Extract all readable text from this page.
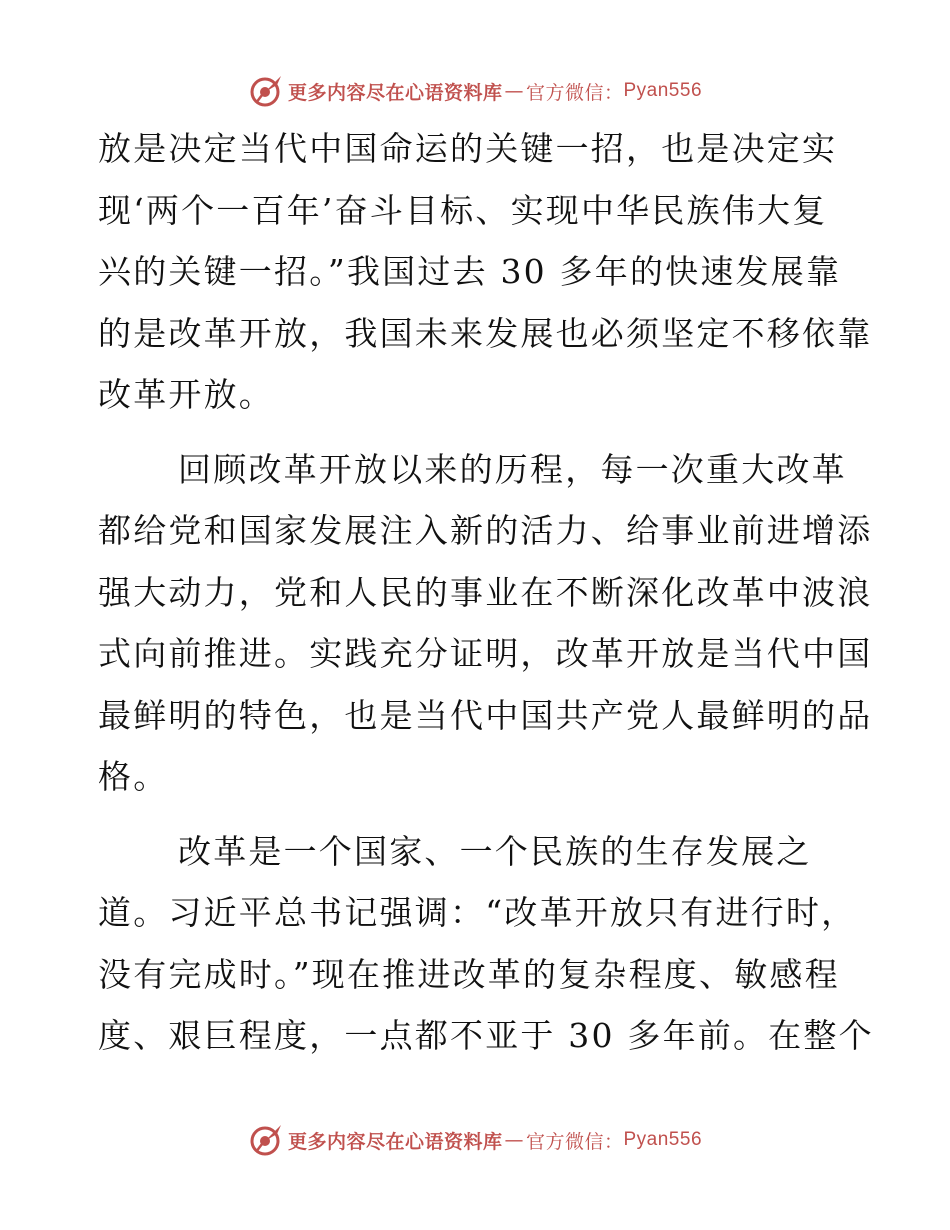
更多内容尽在心语资料库 — 官方微信： Pyan556

放是决定当代中国命运的关键一招，也是决定实
现‘两个一百年’奋斗目标、实现中华民族伟大复
兴的关键一招。”我国过去 30 多年的快速发展靠
的是改革开放，我国未来发展也必须坚定不移依靠
改革开放。

回顾改革开放以来的历程，每一次重大改革
都给党和国家发展注入新的活力、给事业前进增添
强大动力，党和人民的事业在不断深化改革中波浪
式向前推进。实践充分证明，改革开放是当代中国
最鲜明的特色，也是当代中国共产党人最鲜明的品
格。

改革是一个国家、一个民族的生存发展之
道。习近平总书记强调：“改革开放只有进行时，
没有完成时。”现在推进改革的复杂程度、敏感程
度、艰巨程度，一点都不亚于 30 多年前。在整个

更多内容尽在心语资料库 — 官方微信： Pyan556
